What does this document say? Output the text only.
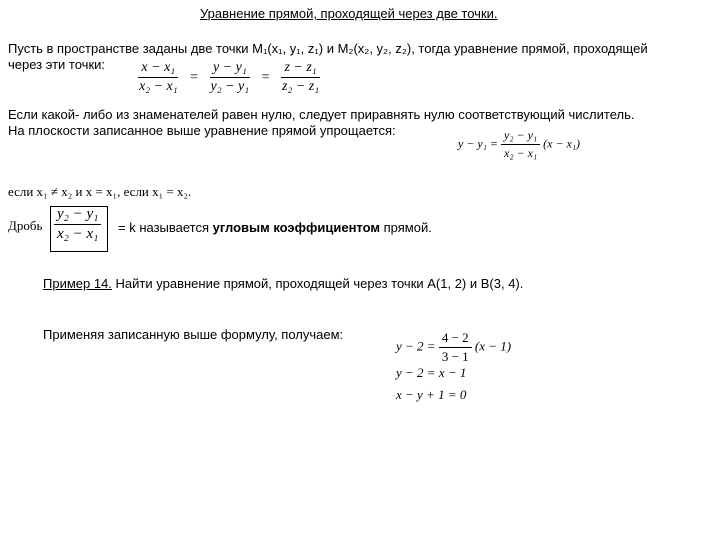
Уравнение прямой, проходящей через две точки.
Пусть в пространстве заданы две точки M₁(x₁, y₁, z₁) и M₂(x₂, y₂, z₂), тогда уравнение прямой, проходящей
через эти точки: $\frac{\text{x − x₁}}{\text{x₂ − x₁}} = \frac{\text{y − y₁}}{\text{y₂ − y₁}} = \frac{\text{z − z₁}}{\text{z₂ − z₁}}$
Если какой- либо из знаменателей равен нулю, следует приравнять нулю соответствующий числитель.
На плоскости записанное выше уравнение прямой упрощается:
$y - y_1 = \frac{\text{y₂ − y₁}}{\text{x₂ − x₁}} (x - x_1)$
если x₁ ≠ x₂ и x = x₁, если x₁ = x₂.
Дробь $\frac{\text{y₂ − y₁}}{\text{x₂ − x₁}} = k$ называется угловым коэффициентом прямой.
Пример 14. Найти уравнение прямой, проходящей через точки А(1, 2) и В(3, 4).
Применяя записанную выше формулу, получаем:
$y - 2 = \frac{4 - 2}{3 - 1} (x - 1)$
y − 2 = x − 1
x − y + 1 = 0
